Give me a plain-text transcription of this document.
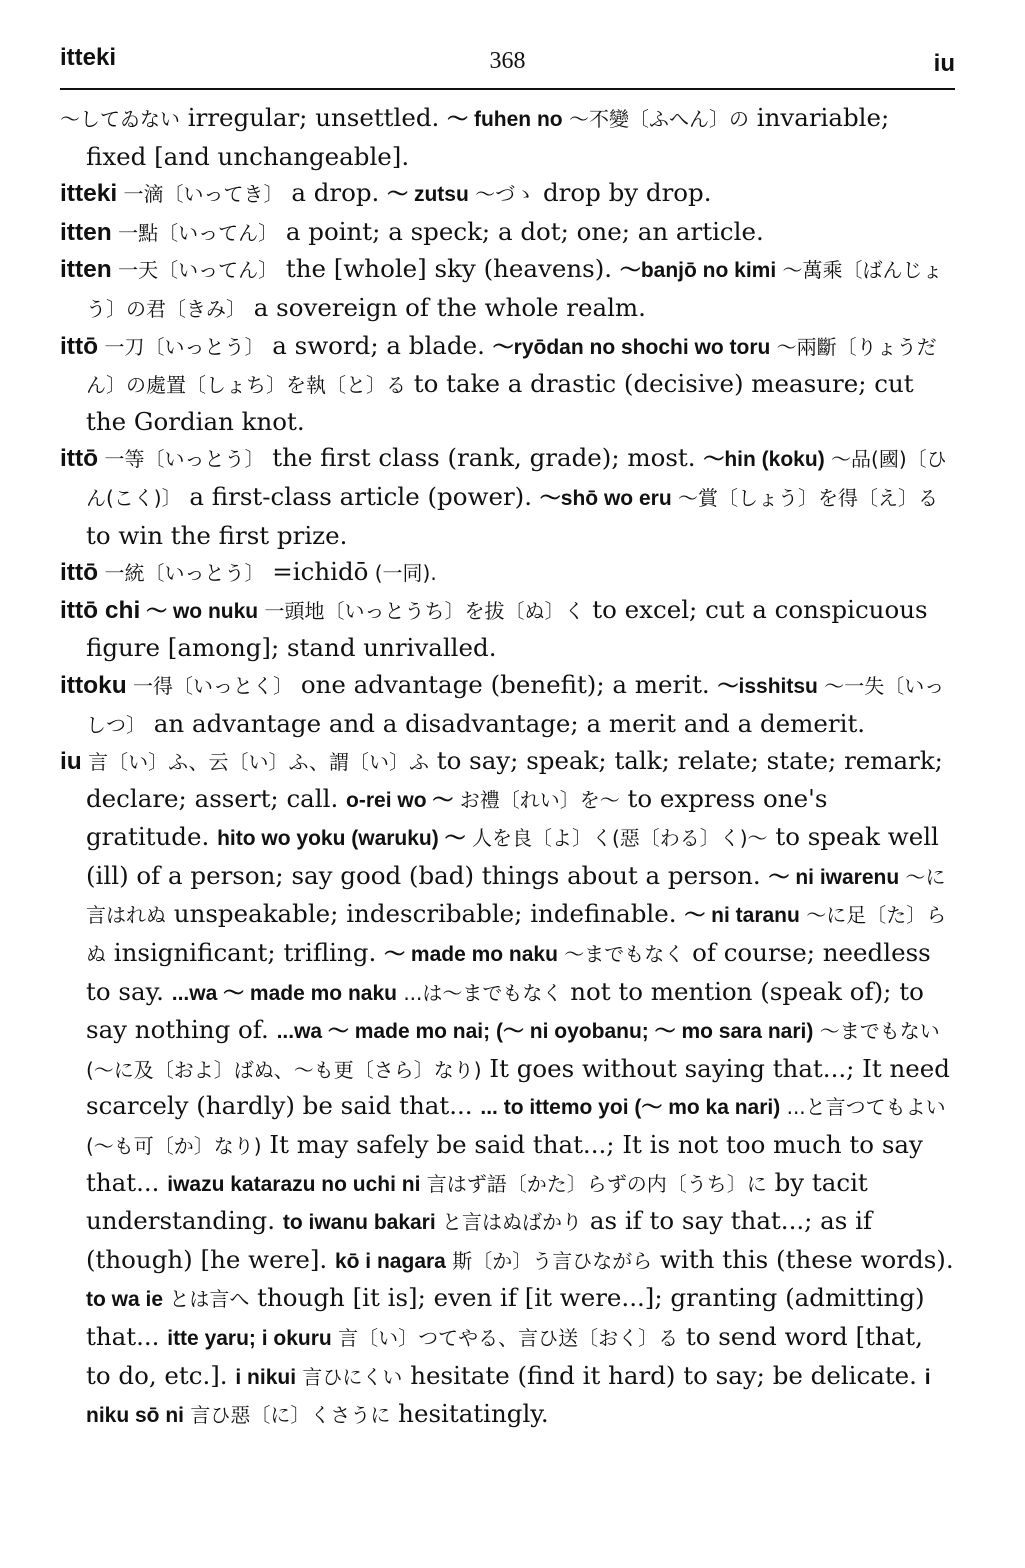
itteki	368	iu

〜してゐない irregular; unsettled. 〜 fuhen no 〜不變〔ふへん〕の invariable; fixed [and unchangeable].

itteki 一滴〔いってき〕 a drop. 〜 zutsu 〜づゝ drop by drop.

itten 一點〔いってん〕 a point; a speck; a dot; one; an article.

itten 一天〔いってん〕 the [whole] sky (heavens). 〜banjō no kimi 〜萬乘〔ばんじょう〕の君〔きみ〕 a sovereign of the whole realm.

ittō 一刀〔いっとう〕 a sword; a blade. 〜ryōdan no shochi wo toru 〜兩斷〔りょうだん〕の處置〔しょち〕を執〔と〕る to take a drastic (decisive) measure; cut the Gordian knot.

ittō 一等〔いっとう〕 the first class (rank, grade); most. 〜hin (koku) 〜品(國)〔ひん(こく)〕 a first-class article (power). 〜shō wo eru 〜賞〔しょう〕を得〔え〕る to win the first prize.

ittō 一統〔いっとう〕 =ichidō (一同).

ittō chi 〜 wo nuku 一頭地〔いっとうち〕を拔〔ぬ〕く to excel; cut a conspicuous figure [among]; stand unrivalled.

ittoku 一得〔いっとく〕 one advantage (benefit); a merit. 〜isshitsu 〜一失〔いっしつ〕 an advantage and a disadvantage; a merit and a demerit.

iu 言〔い〕ふ、云〔い〕ふ、謂〔い〕ふ to say; speak; talk; relate; state; remark; declare; assert; call. o-rei wo 〜 お禮〔れい〕を〜 to express one's gratitude. hito wo yoku (waruku) 〜 人を良〔よ〕く(惡〔わる〕く)〜 to speak well (ill) of a person; say good (bad) things about a person. 〜 ni iwarenu 〜に言はれぬ unspeakable; indescribable; indefinable. 〜 ni taranu 〜に足〔た〕らぬ insignificant; trifling. 〜 made mo naku 〜までもなく of course; needless to say. ...wa 〜 made mo naku ...は〜までもなく not to mention (speak of); to say nothing of. ...wa 〜 made mo nai; (〜 ni oyobanu; 〜 mo sara nari) 〜までもない(〜に及〔およ〕ばぬ、〜も更〔さら〕なり) It goes without saying that...; It need scarcely (hardly) be said that... ... to ittemo yoi (〜 mo ka nari) ...と言つてもよい(〜も可〔か〕なり) It may safely be said that...; It is not too much to say that... iwazu katarazu no uchi ni 言はず語〔かた〕らずの内〔うち〕に by tacit understanding. to iwanu bakari と言はぬばかり as if to say that...; as if (though) [he were]. kō i nagara 斯〔か〕う言ひながら with this (these words). to wa ie とは言へ though [it is]; even if [it were...]; granting (admitting) that... itte yaru; i okuru 言〔い〕つてやる、言ひ送〔おく〕る to send word [that, to do, etc.]. i nikui 言ひにくい hesitate (find it hard) to say; be delicate. i niku sō ni 言ひ惡〔に〕くさうに hesitatingly.
